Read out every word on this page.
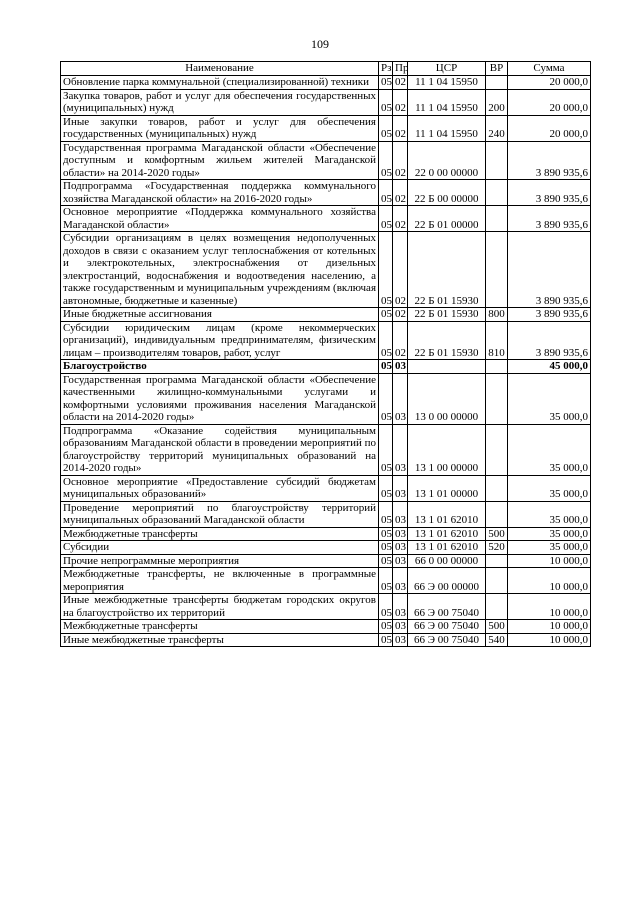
109
Наименование	Рз	Пр	ЦСР	ВР	Сумма
Обновление парка коммунальной (специализированной) техники	05	02	11 1 04 15950		20 000,0
Закупка товаров, работ и услуг для обеспечения государственных (муниципальных) нужд	05	02	11 1 04 15950	200	20 000,0
Иные закупки товаров, работ и услуг для обеспечения государственных (муниципальных) нужд	05	02	11 1 04 15950	240	20 000,0
Государственная программа Магаданской области «Обеспечение доступным и комфортным жильем жителей Магаданской области» на 2014-2020 годы»	05	02	22 0 00 00000		3 890 935,6
Подпрограмма «Государственная поддержка коммунального хозяйства Магаданской области» на 2016-2020 годы»	05	02	22 Б 00 00000		3 890 935,6
Основное мероприятие «Поддержка коммунального хозяйства Магаданской области»	05	02	22 Б 01 00000		3 890 935,6
Субсидии организациям в целях возмещения недополученных доходов в связи с оказанием услуг теплоснабжения от котельных и электрокотельных, электроснабжения от дизельных электростанций, водоснабжения и водоотведения населению, а также государственным и муниципальным учреждениям (включая автономные, бюджетные и казенные)	05	02	22 Б 01 15930		3 890 935,6
Иные бюджетные ассигнования	05	02	22 Б 01 15930	800	3 890 935,6
Субсидии юридическим лицам (кроме некоммерческих организаций), индивидуальным предпринимателям, физическим лицам – производителям товаров, работ, услуг	05	02	22 Б 01 15930	810	3 890 935,6
Благоустройство	05	03			45 000,0
Государственная программа Магаданской области «Обеспечение качественными жилищно-коммунальными услугами и комфортными условиями проживания населения Магаданской области на 2014-2020 годы»	05	03	13 0 00 00000		35 000,0
Подпрограмма «Оказание содействия муниципальным образованиям Магаданской области в проведении мероприятий по благоустройству территорий муниципальных образований на 2014-2020 годы»	05	03	13 1 00 00000		35 000,0
Основное мероприятие «Предоставление субсидий бюджетам муниципальных образований»	05	03	13 1 01 00000		35 000,0
Проведение мероприятий по благоустройству территорий муниципальных образований Магаданской области	05	03	13 1 01 62010		35 000,0
Межбюджетные трансферты	05	03	13 1 01 62010	500	35 000,0
Субсидии	05	03	13 1 01 62010	520	35 000,0
Прочие непрограммные мероприятия	05	03	66 0 00 00000		10 000,0
Межбюджетные трансферты, не включенные в программные мероприятия	05	03	66 Э 00 00000		10 000,0
Иные межбюджетные трансферты бюджетам городских округов на благоустройство их территорий	05	03	66 Э 00 75040		10 000,0
Межбюджетные трансферты	05	03	66 Э 00 75040	500	10 000,0
Иные межбюджетные трансферты	05	03	66 Э 00 75040	540	10 000,0
